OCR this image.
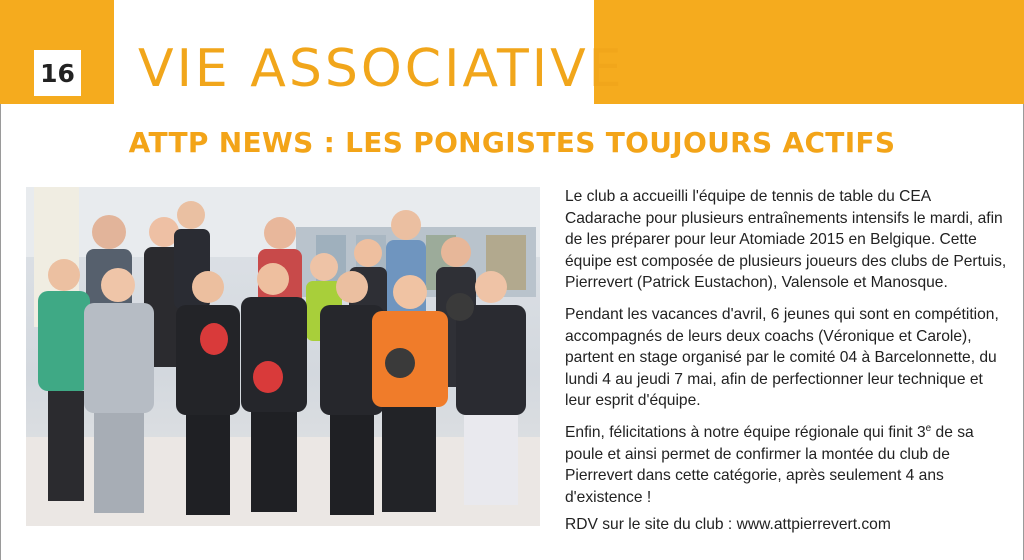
16 VIE ASSOCIATIVE
ATTP NEWS : LES PONGISTES TOUJOURS ACTIFS

Le club a accueilli l'équipe de tennis de table du CEA Cadarache pour plusieurs entraînements intensifs le mardi, afin de les préparer pour leur Atomiade 2015 en Belgique. Cette équipe est composée de plusieurs joueurs des clubs de Pertuis, Pierrevert (Patrick Eustachon), Valensole et Manosque.

Pendant les vacances d'avril, 6 jeunes qui sont en compétition, accompagnés de leurs deux coachs (Véronique et Carole), partent en stage organisé par le comité 04 à Barcelonnette, du lundi 4 au jeudi 7 mai, afin de perfectionner leur technique et leur esprit d'équipe.

Enfin, félicitations à notre équipe régionale qui finit 3e de sa poule et ainsi permet de confirmer la montée du club de Pierrevert dans cette catégorie, après seulement 4 ans d'existence !

RDV sur le site du club : www.attpierrevert.com
